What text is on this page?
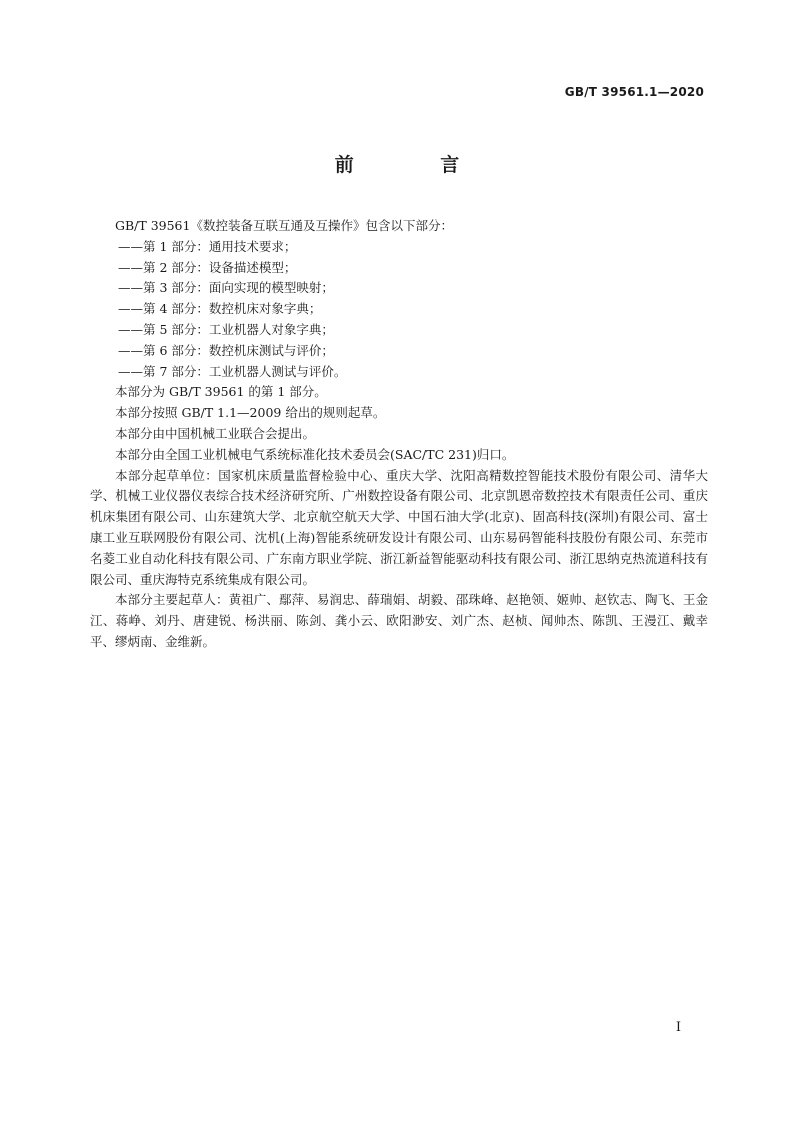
GB/T 39561.1—2020
前 言

GB/T 39561《数控装备互联互通及互操作》包含以下部分：

——第 1 部分：通用技术要求；

——第 2 部分：设备描述模型；

——第 3 部分：面向实现的模型映射；

——第 4 部分：数控机床对象字典；

——第 5 部分：工业机器人对象字典；

——第 6 部分：数控机床测试与评价；

——第 7 部分：工业机器人测试与评价。

本部分为 GB/T 39561 的第 1 部分。

本部分按照 GB/T 1.1—2009 给出的规则起草。

本部分由中国机械工业联合会提出。

本部分由全国工业机械电气系统标准化技术委员会(SAC/TC 231)归口。

本部分起草单位：国家机床质量监督检验中心、重庆大学、沈阳高精数控智能技术股份有限公司、清华大学、机械工业仪器仪表综合技术经济研究所、广州数控设备有限公司、北京凯恩帝数控技术有限责任公司、重庆机床集团有限公司、山东建筑大学、北京航空航天大学、中国石油大学(北京)、固高科技(深圳)有限公司、富士康工业互联网股份有限公司、沈机(上海)智能系统研发设计有限公司、山东易码智能科技股份有限公司、东莞市名菱工业自动化科技有限公司、广东南方职业学院、浙江新益智能驱动科技有限公司、浙江思纳克热流道科技有限公司、重庆海特克系统集成有限公司。

本部分主要起草人：黄祖广、鄢萍、易润忠、薛瑞娟、胡毅、邵珠峰、赵艳领、姬帅、赵钦志、陶飞、王金江、蒋峥、刘丹、唐建锐、杨洪丽、陈剑、龚小云、欧阳渺安、刘广杰、赵桢、闻帅杰、陈凯、王漫江、戴幸平、缪炳南、金维新。

I
